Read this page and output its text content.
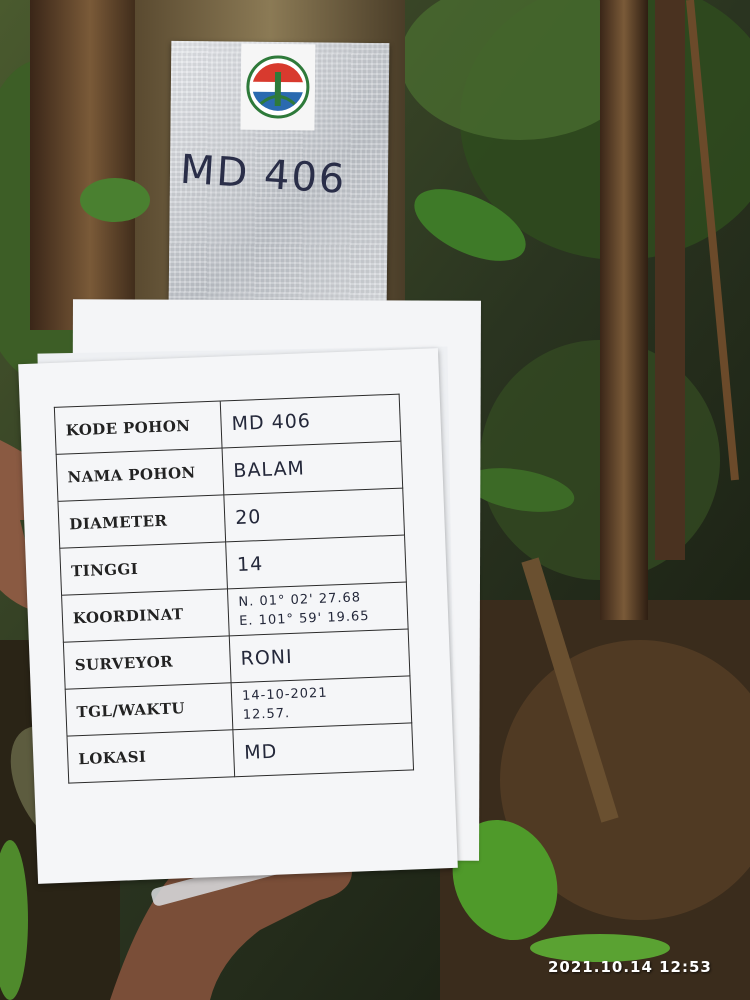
MD 406
KODE POHON	MD 406
NAMA POHON	BALAM
DIAMETER	20
TINGGI	14
KOORDINAT	N. 01° 02' 27.68
E. 101° 59' 19.65

SURVEYOR	RONI
TGL/WAKTU	14-10-2021
12.57.

LOKASI	MD
2021.10.14 12:53
